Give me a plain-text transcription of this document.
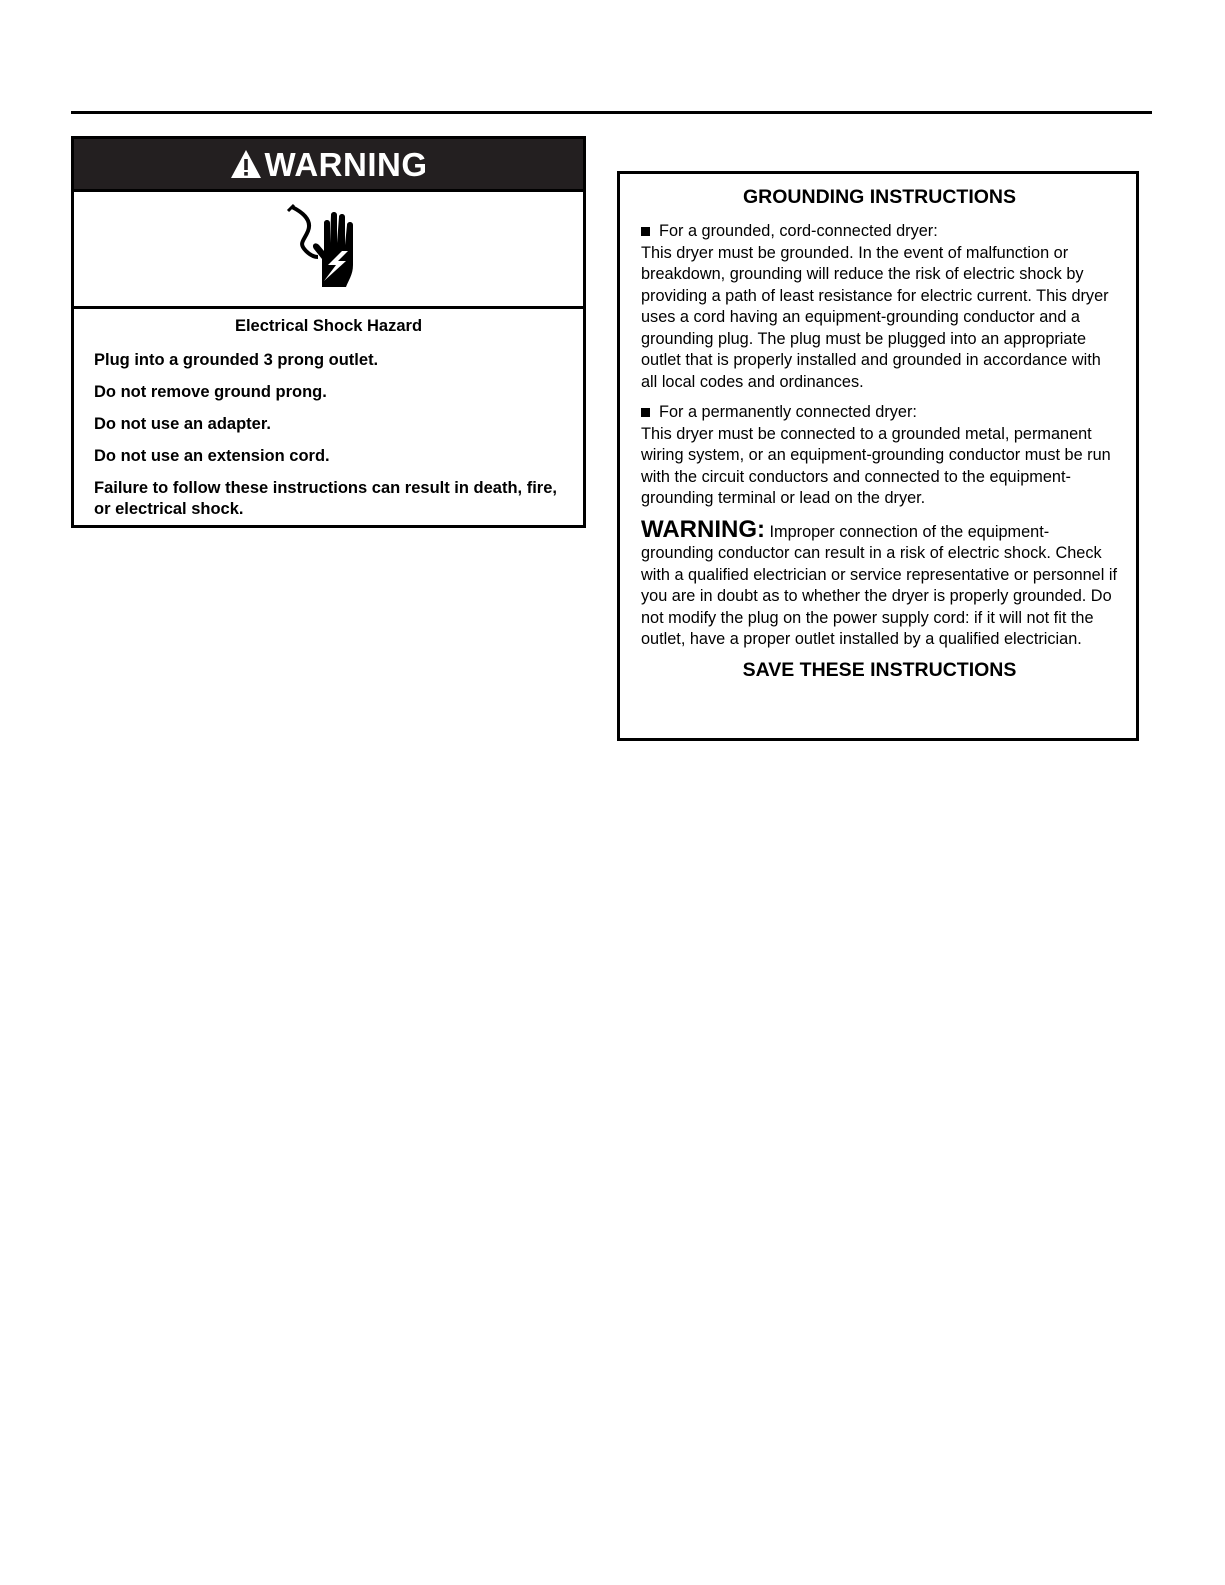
WARNING
Electrical Shock Hazard
Plug into a grounded 3 prong outlet.
Do not remove ground prong.
Do not use an adapter.
Do not use an extension cord.
Failure to follow these instructions can result in death, fire, or electrical shock.
GROUNDING INSTRUCTIONS
For a grounded, cord-connected dryer:
This dryer must be grounded. In the event of malfunction or breakdown, grounding will reduce the risk of electric shock by providing a path of least resistance for electric current. This dryer uses a cord having an equipment-grounding conductor and a grounding plug. The plug must be plugged into an appropriate outlet that is properly installed and grounded in accordance with all local codes and ordinances.
For a permanently connected dryer:
This dryer must be connected to a grounded metal, permanent wiring system, or an equipment-grounding conductor must be run with the circuit conductors and connected to the equipment-grounding terminal or lead on the dryer.
WARNING: Improper connection of the equipment-grounding conductor can result in a risk of electric shock. Check with a qualified electrician or service representative or personnel if you are in doubt as to whether the dryer is properly grounded. Do not modify the plug on the power supply cord: if it will not fit the outlet, have a proper outlet installed by a qualified electrician.
SAVE THESE INSTRUCTIONS
